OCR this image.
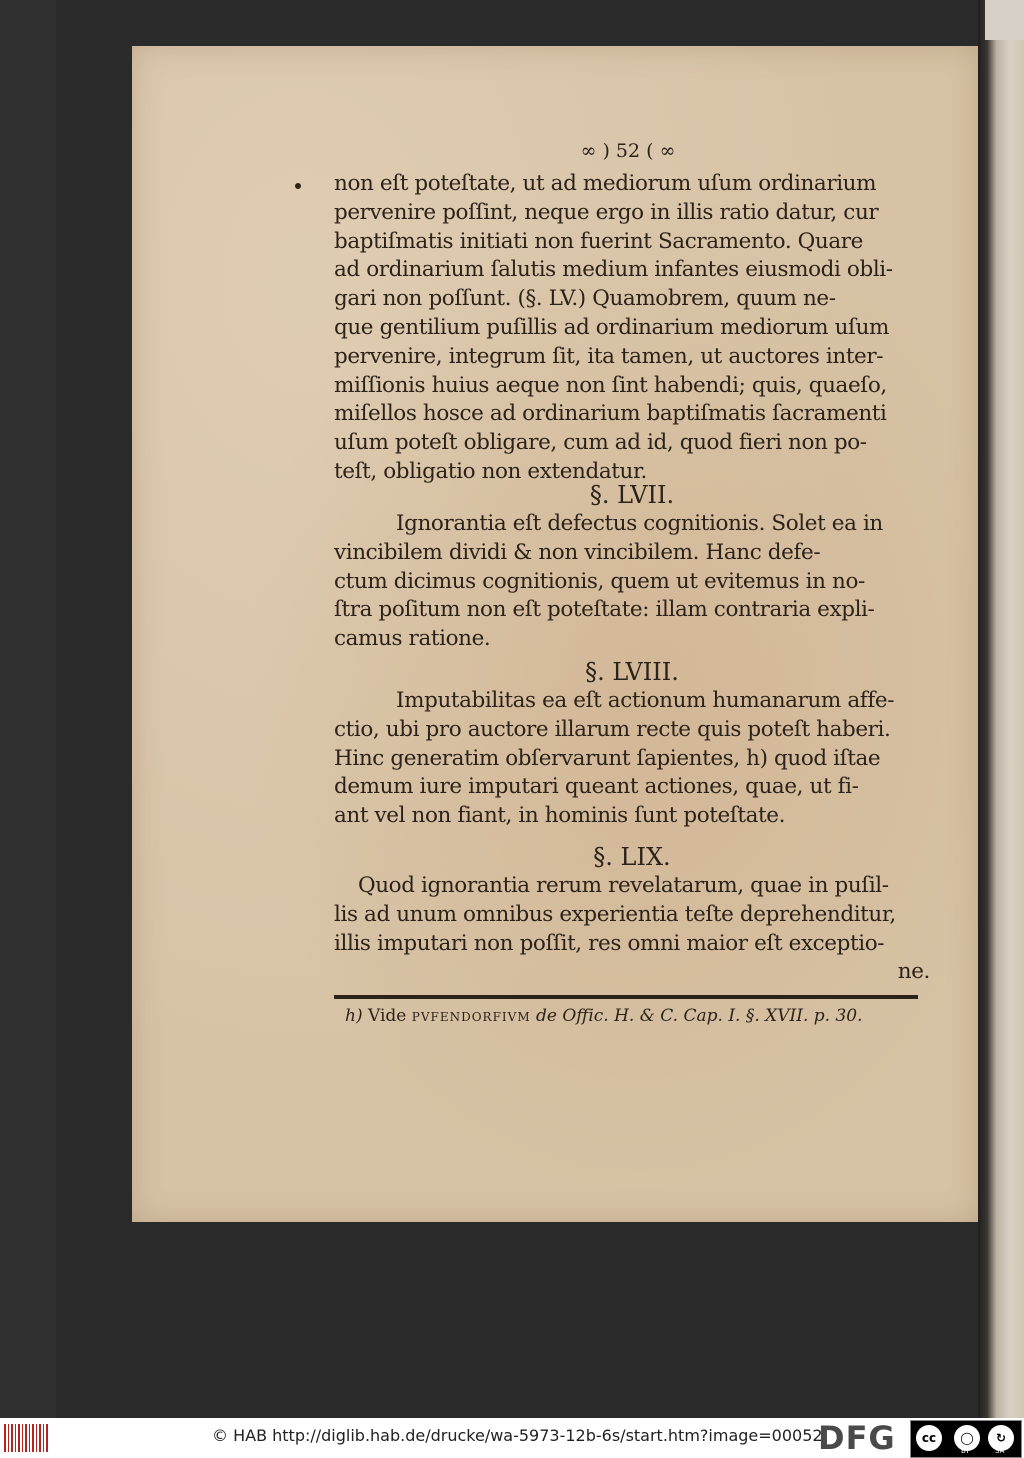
∞ ) 52 ( ∞
non eſt poteſtate, ut ad mediorum uſum ordinarium
pervenire poſſint, neque ergo in illis ratio datur, cur
baptiſmatis initiati non fuerint Sacramento. Quare
ad ordinarium ſalutis medium infantes eiusmodi obli-
gari non poſſunt. (§. LV.) Quamobrem, quum ne-
que gentilium puſillis ad ordinarium mediorum uſum
pervenire, integrum ſit, ita tamen, ut auctores inter-
miſſionis huius aeque non ſint habendi; quis, quaeſo,
miſellos hosce ad ordinarium baptiſmatis ſacramenti
uſum poteſt obligare, cum ad id, quod fieri non po-
teſt, obligatio non extendatur.
Ignorantia eſt defectus cognitionis. Solet ea in
vincibilem dividi & non vincibilem. Hanc defe-
ctum dicimus cognitionis, quem ut evitemus in no-
ſtra poſitum non eſt poteſtate: illam contraria expli-
camus ratione.
Imputabilitas ea eſt actionum humanarum affe-
ctio, ubi pro auctore illarum recte quis poteſt haberi.
Hinc generatim obſervarunt ſapientes, h) quod iſtae
demum iure imputari queant actiones, quae, ut fi-
ant vel non fiant, in hominis ſunt poteſtate.
Quod ignorantia rerum revelatarum, quae in puſil-
lis ad unum omnibus experientia teſte deprehenditur,
illis imputari non poſſit, res omni maior eſt exceptio-
ne.
§. LVII.
§. LVIII.
§. LIX.
h) Vide PVFENDORFIVM de Offic. H. & C. Cap. I. §. XVII. p. 30.
© HAB http://diglib.hab.de/drucke/wa-5973-12b-6s/start.htm?image=00052
DFG	cc	◯	↻
BY	SA
